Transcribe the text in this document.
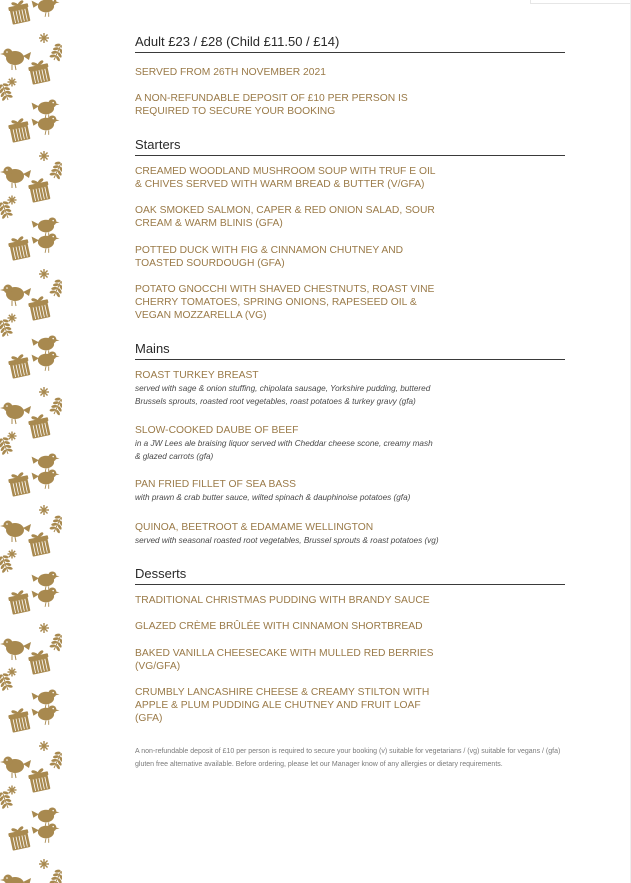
Adult £23 / £28 (Child £11.50 / £14)
SERVED FROM 26TH NOVEMBER 2021
A NON-REFUNDABLE DEPOSIT OF £10 PER PERSON IS REQUIRED TO SECURE YOUR BOOKING
Starters
CREAMED WOODLAND MUSHROOM SOUP WITH TRUF E OIL & CHIVES SERVED WITH WARM BREAD & BUTTER (V/GFA)
OAK SMOKED SALMON, CAPER & RED ONION SALAD, SOUR CREAM & WARM BLINIS (GFA)
POTTED DUCK WITH FIG & CINNAMON CHUTNEY AND TOASTED SOURDOUGH (GFA)
POTATO GNOCCHI WITH SHAVED CHESTNUTS, ROAST VINE CHERRY TOMATOES, SPRING ONIONS, RAPESEED OIL & VEGAN MOZZARELLA (VG)
Mains
ROAST TURKEY BREAST
served with sage & onion stuffing, chipolata sausage, Yorkshire pudding, buttered Brussels sprouts, roasted root vegetables, roast potatoes & turkey gravy (gfa)
SLOW-COOKED DAUBE OF BEEF
in a JW Lees ale braising liquor served with Cheddar cheese scone, creamy mash & glazed carrots (gfa)
PAN FRIED FILLET OF SEA BASS
with prawn & crab butter sauce, wilted spinach & dauphinoise potatoes (gfa)
QUINOA, BEETROOT & EDAMAME WELLINGTON
served with seasonal roasted root vegetables, Brussel sprouts & roast potatoes (vg)
Desserts
TRADITIONAL CHRISTMAS PUDDING WITH BRANDY SAUCE
GLAZED CRÈME BRÛLÉE WITH CINNAMON SHORTBREAD
BAKED VANILLA CHEESECAKE WITH MULLED RED BERRIES (VG/GFA)
CRUMBLY LANCASHIRE CHEESE & CREAMY STILTON WITH APPLE & PLUM PUDDING ALE CHUTNEY AND FRUIT LOAF (GFA)
A non-refundable deposit of £10 per person is required to secure your booking (v) suitable for vegetarians / (vg) suitable for vegans / (gfa) gluten free alternative available. Before ordering, please let our Manager know of any allergies or dietary requirements.
